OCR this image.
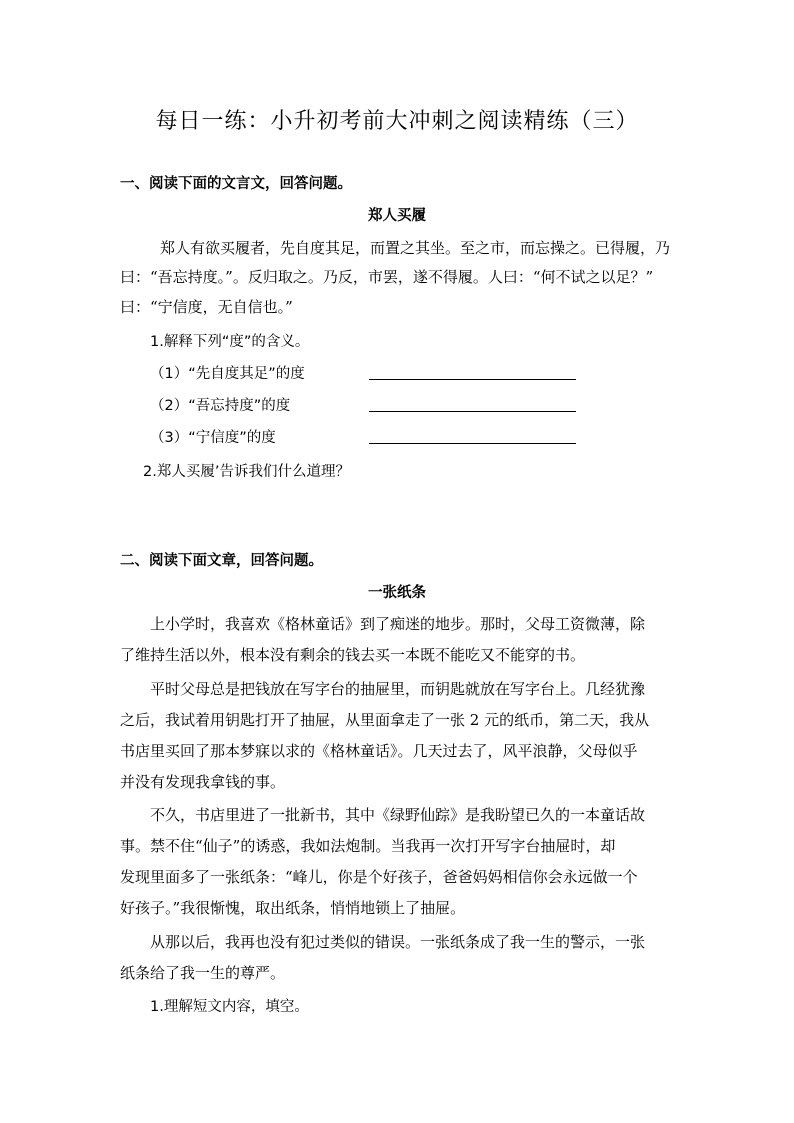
每日一练：小升初考前大冲刺之阅读精练（三）
一、阅读下面的文言文，回答问题。
郑人买履
郑人有欲买履者，先自度其足，而置之其坐。至之市，而忘操之。已得履，乃
曰：“吾忘持度。”。反归取之。乃反，市罢，遂不得履。人曰：“何不试之以足？”
曰：“宁信度，无自信也。”
1.解释下列“度”的含义。
（1）“先自度其足”的度
（2）“吾忘持度”的度
（3）“宁信度”的度
2.郑人买履’告诉我们什么道理？
二、阅读下面文章，回答问题。
一张纸条
上小学时，我喜欢《格林童话》到了痴迷的地步。那时，父母工资微薄，除
了维持生活以外，根本没有剩余的钱去买一本既不能吃又不能穿的书。
平时父母总是把钱放在写字台的抽屉里，而钥匙就放在写字台上。几经犹豫
之后，我试着用钥匙打开了抽屉，从里面拿走了一张 2 元的纸币，第二天，我从
书店里买回了那本梦寐以求的《格林童话》。几天过去了，风平浪静，父母似乎
并没有发现我拿钱的事。
不久，书店里进了一批新书，其中《绿野仙踪》是我盼望已久的一本童话故
事。禁不住“仙子”的诱惑，我如法炮制。当我再一次打开写字台抽屉时，却
发现里面多了一张纸条：“峰儿，你是个好孩子，爸爸妈妈相信你会永远做一个
好孩子。”我很惭愧，取出纸条，悄悄地锁上了抽屉。
从那以后，我再也没有犯过类似的错误。一张纸条成了我一生的警示，一张
纸条给了我一生的尊严。
1.理解短文内容，填空。
